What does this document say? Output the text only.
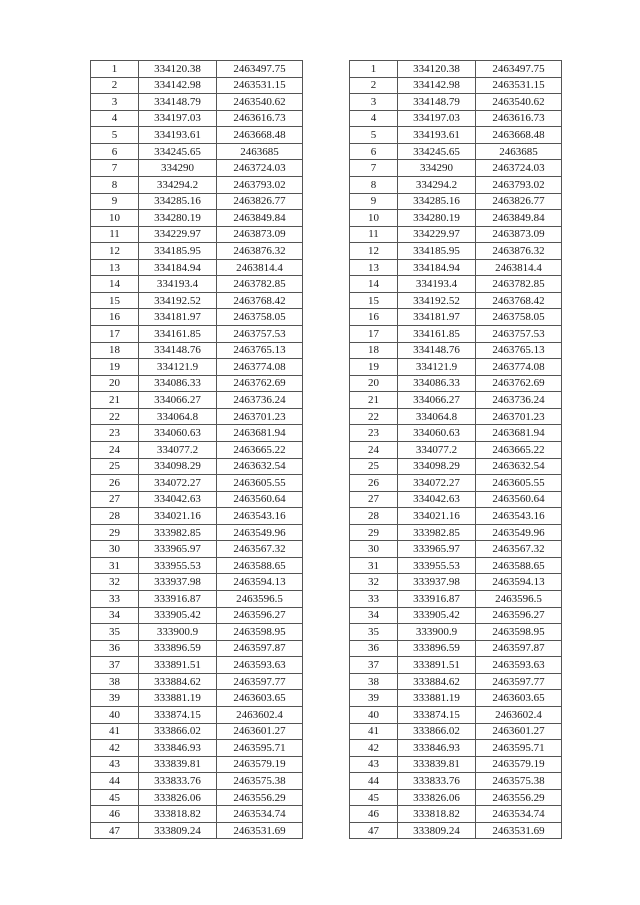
1	334120.38	2463497.75
2	334142.98	2463531.15
3	334148.79	2463540.62
4	334197.03	2463616.73
5	334193.61	2463668.48
6	334245.65	2463685
7	334290	2463724.03
8	334294.2	2463793.02
9	334285.16	2463826.77
10	334280.19	2463849.84
11	334229.97	2463873.09
12	334185.95	2463876.32
13	334184.94	2463814.4
14	334193.4	2463782.85
15	334192.52	2463768.42
16	334181.97	2463758.05
17	334161.85	2463757.53
18	334148.76	2463765.13
19	334121.9	2463774.08
20	334086.33	2463762.69
21	334066.27	2463736.24
22	334064.8	2463701.23
23	334060.63	2463681.94
24	334077.2	2463665.22
25	334098.29	2463632.54
26	334072.27	2463605.55
27	334042.63	2463560.64
28	334021.16	2463543.16
29	333982.85	2463549.96
30	333965.97	2463567.32
31	333955.53	2463588.65
32	333937.98	2463594.13
33	333916.87	2463596.5
34	333905.42	2463596.27
35	333900.9	2463598.95
36	333896.59	2463597.87
37	333891.51	2463593.63
38	333884.62	2463597.77
39	333881.19	2463603.65
40	333874.15	2463602.4
41	333866.02	2463601.27
42	333846.93	2463595.71
43	333839.81	2463579.19
44	333833.76	2463575.38
45	333826.06	2463556.29
46	333818.82	2463534.74
47	333809.24	2463531.69
1	334120.38	2463497.75
2	334142.98	2463531.15
3	334148.79	2463540.62
4	334197.03	2463616.73
5	334193.61	2463668.48
6	334245.65	2463685
7	334290	2463724.03
8	334294.2	2463793.02
9	334285.16	2463826.77
10	334280.19	2463849.84
11	334229.97	2463873.09
12	334185.95	2463876.32
13	334184.94	2463814.4
14	334193.4	2463782.85
15	334192.52	2463768.42
16	334181.97	2463758.05
17	334161.85	2463757.53
18	334148.76	2463765.13
19	334121.9	2463774.08
20	334086.33	2463762.69
21	334066.27	2463736.24
22	334064.8	2463701.23
23	334060.63	2463681.94
24	334077.2	2463665.22
25	334098.29	2463632.54
26	334072.27	2463605.55
27	334042.63	2463560.64
28	334021.16	2463543.16
29	333982.85	2463549.96
30	333965.97	2463567.32
31	333955.53	2463588.65
32	333937.98	2463594.13
33	333916.87	2463596.5
34	333905.42	2463596.27
35	333900.9	2463598.95
36	333896.59	2463597.87
37	333891.51	2463593.63
38	333884.62	2463597.77
39	333881.19	2463603.65
40	333874.15	2463602.4
41	333866.02	2463601.27
42	333846.93	2463595.71
43	333839.81	2463579.19
44	333833.76	2463575.38
45	333826.06	2463556.29
46	333818.82	2463534.74
47	333809.24	2463531.69
